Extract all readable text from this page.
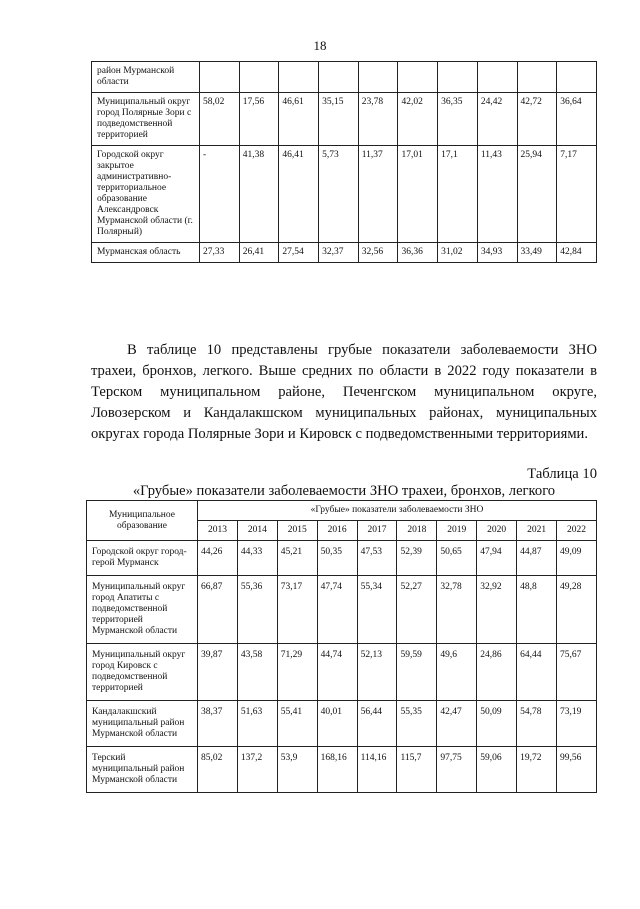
18
район Мурманской области										
Муниципальный округ город Полярные Зори с подведомственной территорией	58,02	17,56	46,61	35,15	23,78	42,02	36,35	24,42	42,72	36,64
Городской округ закрытое административно-территориальное образование Александровск Мурманской области (г. Полярный)	-	41,38	46,41	5,73	11,37	17,01	17,1	11,43	25,94	7,17
Мурманская область	27,33	26,41	27,54	32,37	32,56	36,36	31,02	34,93	33,49	42,84

В таблице 10 представлены грубые показатели заболеваемости ЗНО трахеи, бронхов, легкого. Выше средних по области в 2022 году показатели в Терском муниципальном районе, Печенгском муниципальном округе, Ловозерском и Кандалакшском муниципальных районах, муниципальных округах города Полярные Зори и Кировск с подведомственными территориями.

Таблица 10
«Грубые» показатели заболеваемости ЗНО трахеи, бронхов, легкого
Муниципальное образование	«Грубые» показатели заболеваемости ЗНО									
	2013	2014	2015	2016	2017	2018	2019	2020	2021	2022
Городской округ город-герой Мурманск	44,26	44,33	45,21	50,35	47,53	52,39	50,65	47,94	44,87	49,09
Муниципальный округ город Апатиты с подведомственной территорией Мурманской области	66,87	55,36	73,17	47,74	55,34	52,27	32,78	32,92	48,8	49,28
Муниципальный округ город Кировск с подведомственной территорией	39,87	43,58	71,29	44,74	52,13	59,59	49,6	24,86	64,44	75,67
Кандалакшский муниципальный район Мурманской области	38,37	51,63	55,41	40,01	56,44	55,35	42,47	50,09	54,78	73,19
Терский муниципальный район Мурманской области	85,02	137,2	53,9	168,16	114,16	115,7	97,75	59,06	19,72	99,56
